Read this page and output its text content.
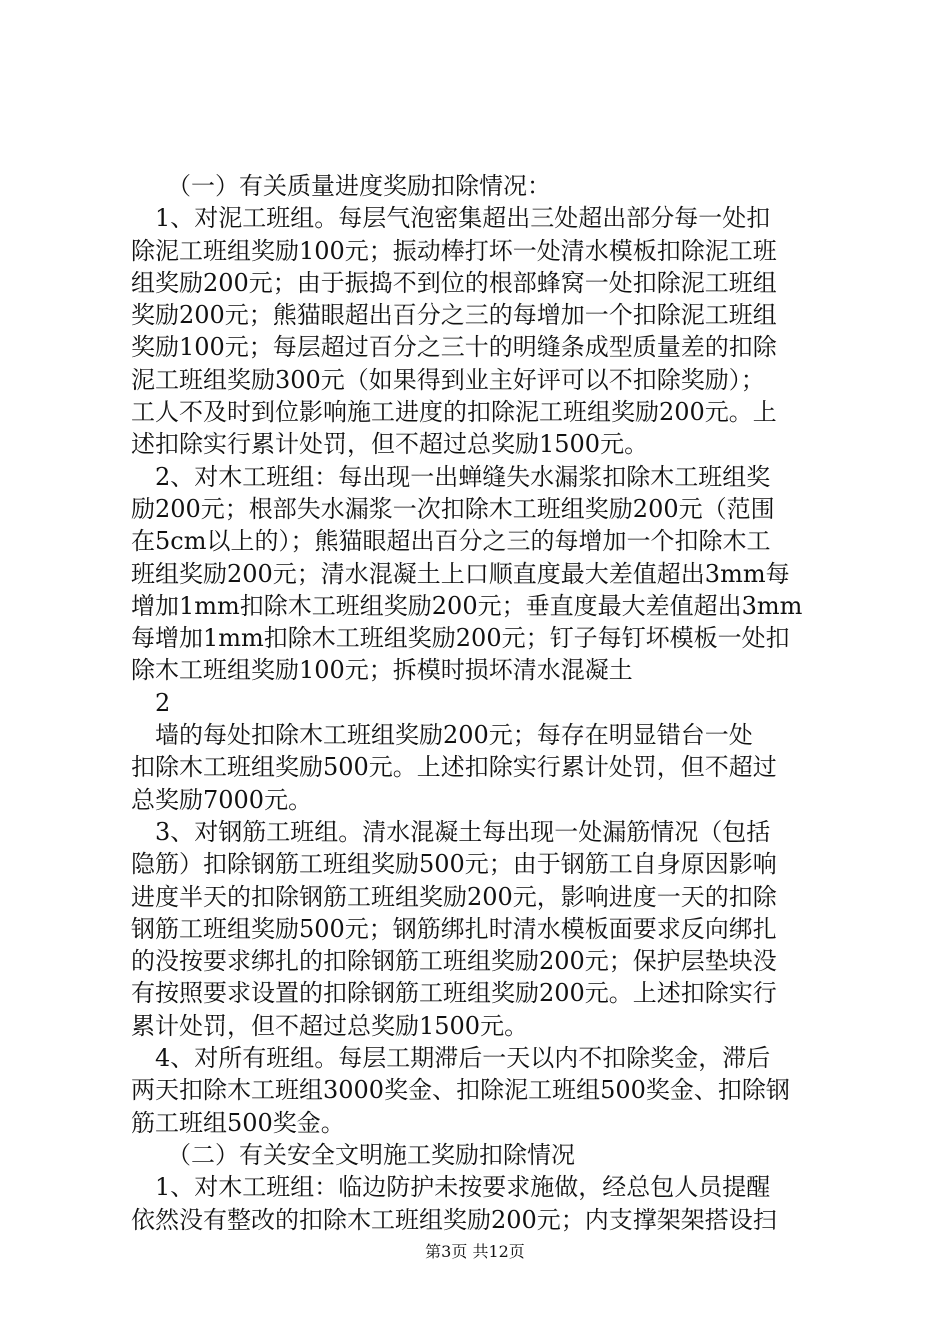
　　（一）有关质量进度奖励扣除情况：
　1、对泥工班组。每层气泡密集超出三处超出部分每一处扣
除泥工班组奖励100元；振动棒打坏一处清水模板扣除泥工班
组奖励200元；由于振捣不到位的根部蜂窝一处扣除泥工班组
奖励200元；熊猫眼超出百分之三的每增加一个扣除泥工班组
奖励100元；每层超过百分之三十的明缝条成型质量差的扣除
泥工班组奖励300元（如果得到业主好评可以不扣除奖励）；
工人不及时到位影响施工进度的扣除泥工班组奖励200元。上
述扣除实行累计处罚，但不超过总奖励1500元。
　2、对木工班组：每出现一出蝉缝失水漏浆扣除木工班组奖
励200元；根部失水漏浆一次扣除木工班组奖励200元（范围
在5cm以上的）；熊猫眼超出百分之三的每增加一个扣除木工
班组奖励200元；清水混凝土上口顺直度最大差值超出3mm每
增加1mm扣除木工班组奖励200元；垂直度最大差值超出3mm
每增加1mm扣除木工班组奖励200元；钉子每钉坏模板一处扣
除木工班组奖励100元；拆模时损坏清水混凝土
　2
　墙的每处扣除木工班组奖励200元；每存在明显错台一处
扣除木工班组奖励500元。上述扣除实行累计处罚，但不超过
总奖励7000元。
　3、对钢筋工班组。清水混凝土每出现一处漏筋情况（包括
隐筋）扣除钢筋工班组奖励500元；由于钢筋工自身原因影响
进度半天的扣除钢筋工班组奖励200元，影响进度一天的扣除
钢筋工班组奖励500元；钢筋绑扎时清水模板面要求反向绑扎
的没按要求绑扎的扣除钢筋工班组奖励200元；保护层垫块没
有按照要求设置的扣除钢筋工班组奖励200元。上述扣除实行
累计处罚，但不超过总奖励1500元。
　4、对所有班组。每层工期滞后一天以内不扣除奖金，滞后
两天扣除木工班组3000奖金、扣除泥工班组500奖金、扣除钢
筋工班组500奖金。
　　（二）有关安全文明施工奖励扣除情况
　1、对木工班组：临边防护未按要求施做，经总包人员提醒
依然没有整改的扣除木工班组奖励200元；内支撑架架搭设扫
第3页 共12页
